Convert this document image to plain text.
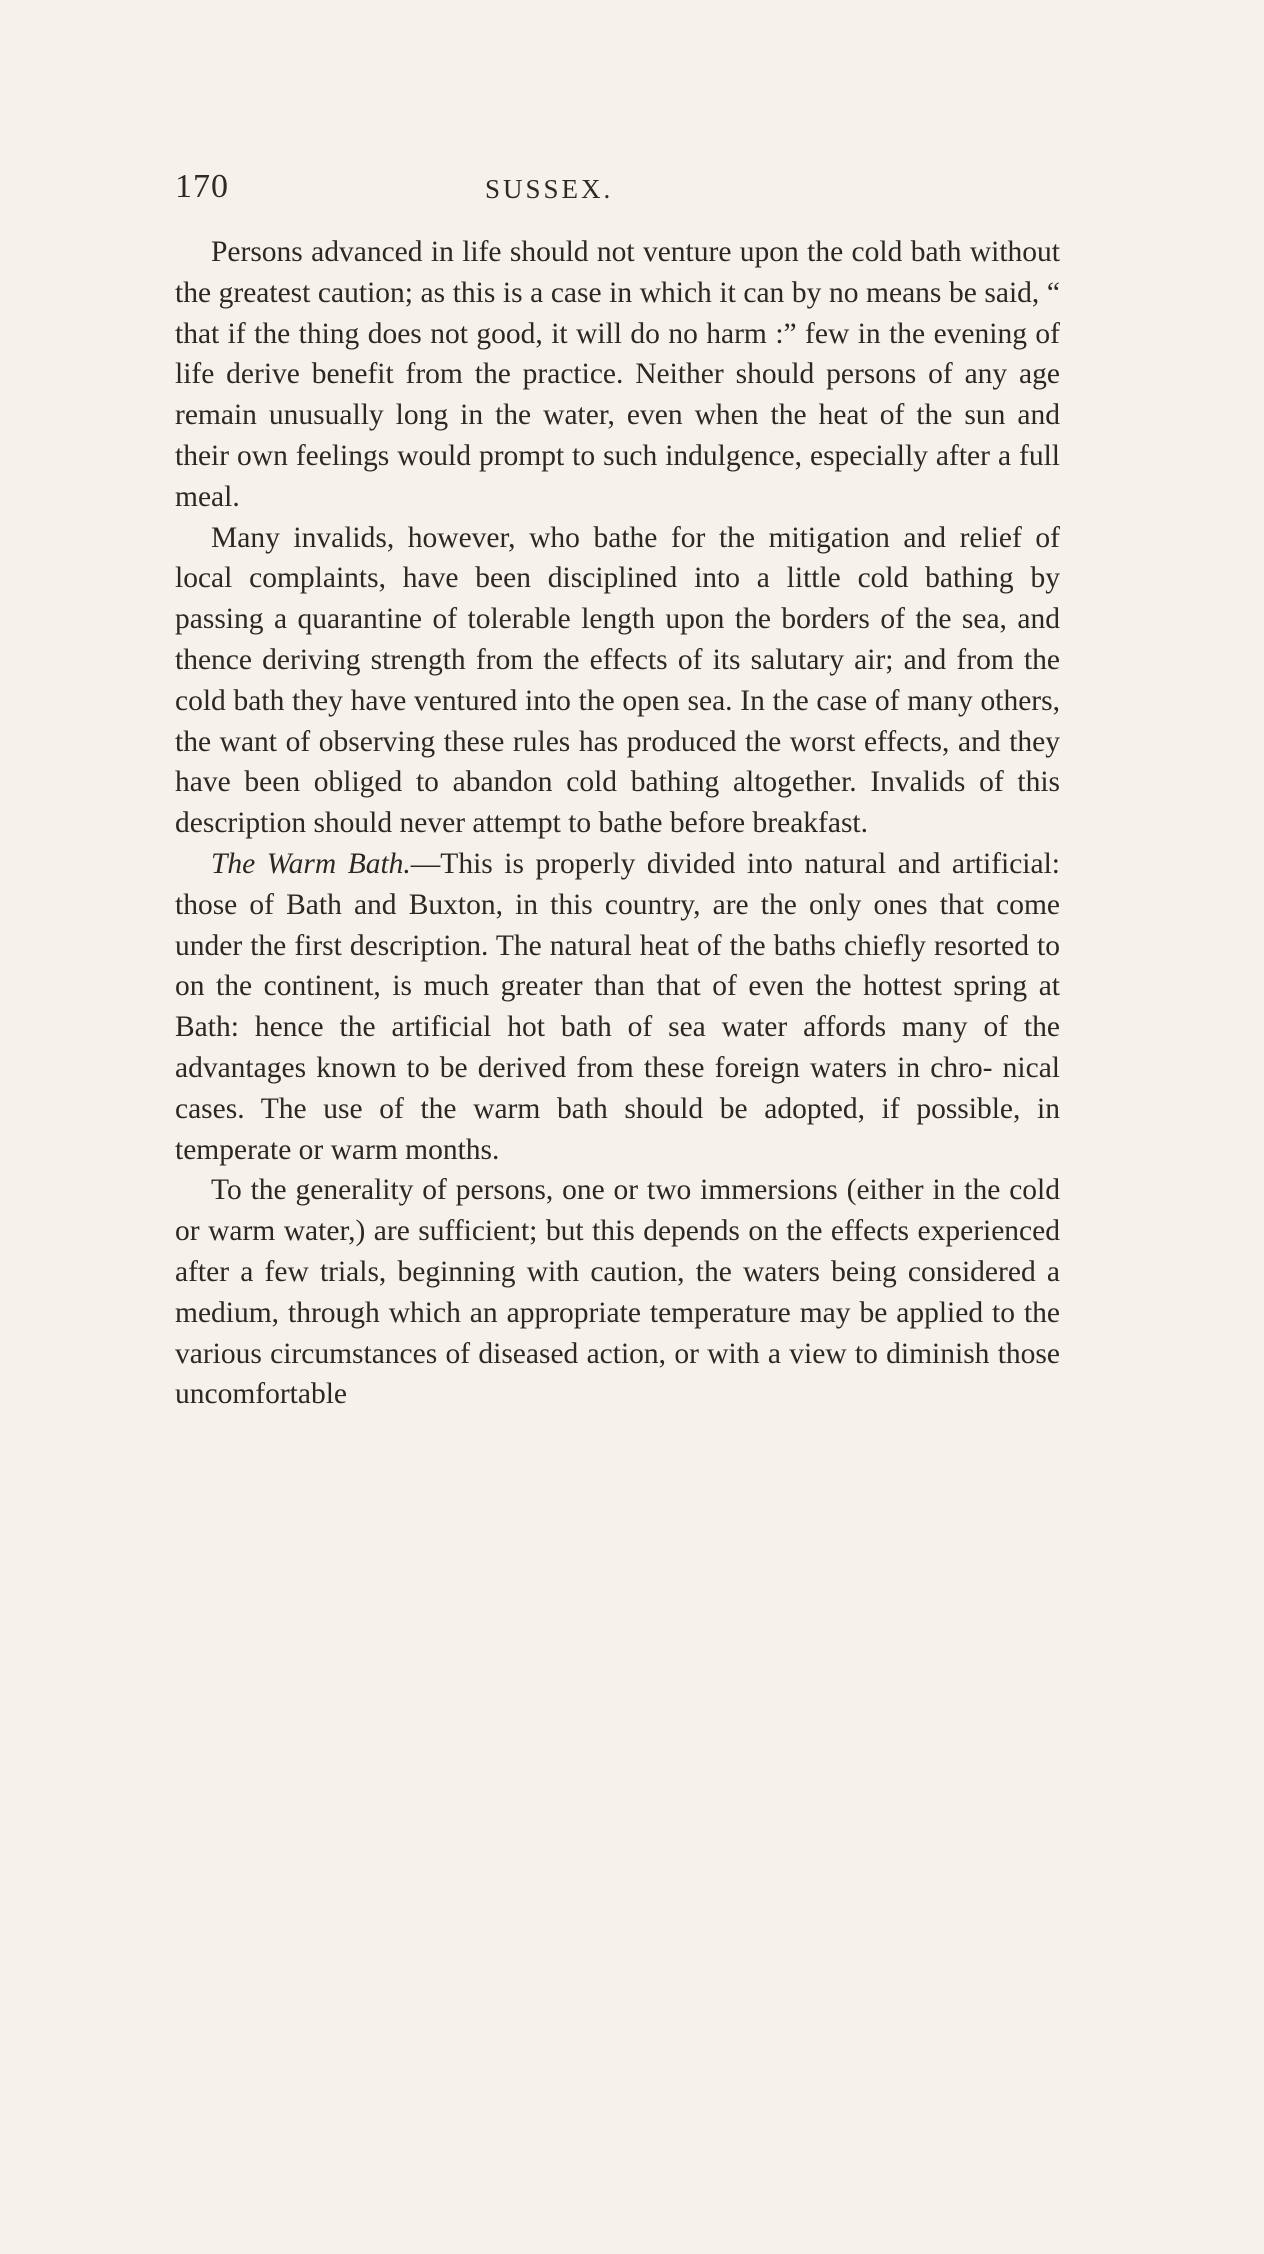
170	SUSSEX.

Persons advanced in life should not venture upon the cold bath without the greatest caution; as this is a case in which it can by no means be said, “ that if the thing does not good, it will do no harm :” few in the evening of life derive benefit from the practice. Neither should persons of any age remain unusually long in the water, even when the heat of the sun and their own feelings would prompt to such indulgence, especially after a full meal.

Many invalids, however, who bathe for the mitigation and relief of local complaints, have been disciplined into a little cold bathing by passing a quarantine of tolerable length upon the borders of the sea, and thence deriving strength from the effects of its salutary air; and from the cold bath they have ventured into the open sea. In the case of many others, the want of observing these rules has produced the worst effects, and they have been obliged to abandon cold bathing altogether. Invalids of this description should never attempt to bathe before breakfast.

The Warm Bath.—This is properly divided into natural and artificial: those of Bath and Buxton, in this country, are the only ones that come under the first description. The natural heat of the baths chiefly resorted to on the continent, is much greater than that of even the hottest spring at Bath: hence the artificial hot bath of sea water affords many of the advantages known to be derived from these foreign waters in chro- nical cases. The use of the warm bath should be adopted, if possible, in temperate or warm months.

To the generality of persons, one or two immersions (either in the cold or warm water,) are sufficient; but this depends on the effects experienced after a few trials, beginning with caution, the waters being considered a medium, through which an appropriate temperature may be applied to the various circumstances of diseased action, or with a view to diminish those uncomfortable
